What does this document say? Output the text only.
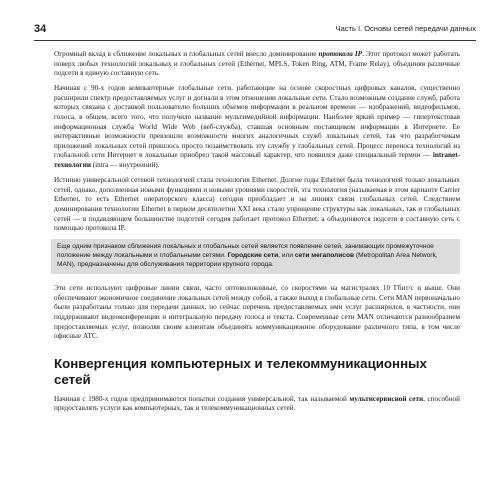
34	Часть I. Основы сетей передачи данных

Огромный вклад в сближение локальных и глобальных сетей внесло доминирование протокола IP. Этот протокол может работать поверх любых технологий локальных и глобальных сетей (Ethernet, MPLS, Token Ring, ATM, Frame Relay), объединяя различные подсети в единую составную сеть.

Начиная с 90-х годов компьютерные глобальные сети, работающие на основе скоростных цифровых каналов, существенно расширили спектр предоставляемых услуг и догнали в этом отношении локальные сети. Стало возможным создание служб, работа которых связана с доставкой пользователю больших объемов информации в реальном времени — изображений, видеофильмов, голоса, в общем, всего того, что получило название мультимедийной информации. Наиболее яркий пример — гипертекстовая информационная служба World Wide Web (веб-служба), ставшая основным поставщиком информации в Интернете. Ее интерактивные возможности превзошли возможности многих аналогичных служб локальных сетей, так что разработчикам приложений локальных сетей пришлось просто позаимствовать эту службу у глобальных сетей. Процесс переноса технологий из глобальной сети Интернет в локальные приобрел такой массовый характер, что появился даже специальный термин — intranet-технологии (intra — внутренний).

Истинно универсальной сетевой технологией стала технология Ethernet. Долгие годы Ethernet была технологией только локальных сетей, однако, дополненная новыми функциями и новыми уровнями скоростей, эта технология (называемая в этом варианте Carrier Ethernet, то есть Ethernet операторского класса) сегодня преобладает и на линиях связи глобальных сетей. Следствием доминирования технологии Ethernet в первом десятилетии XXI века стало упрощение структуры как локальных, так и глобальных сетей — в подавляющем большинстве подсетей сегодня работает протокол Ethernet, а объединяются подсети в составную сеть с помощью протокола IP.

Еще одним признаком сближения локальных и глобальных сетей является появление сетей, занимающих промежуточное положение между локальными и глобальными сетями. Городские сети, или сети мегаполисов (Metropolitan Area Network, MAN), предназначены для обслуживания территории крупного города.

Эти сети используют цифровые линии связи, часто оптоволоконные, со скоростями на магистралях 10 Гбит/с и выше. Они обеспечивают экономичное соединение локальных сетей между собой, а также выход в глобальные сети. Сети MAN первоначально были разработаны только для передачи данных, но сейчас перечень предоставляемых ими услуг расширился, в частности, они поддерживают видеоконференции и интегральную передачу голоса и текста. Современные сети MAN отличаются разнообразием предоставляемых услуг, позволяя своим клиентам объединять коммуникационное оборудование различного типа, в том числе офисные АТС.

Конвергенция компьютерных и телекоммуникационных сетей

Начиная с 1980-х годов предпринимаются попытки создания универсальной, так называемой мультисервисной сети, способной предоставлять услуги как компьютерных, так и телекоммуникационных сетей.
